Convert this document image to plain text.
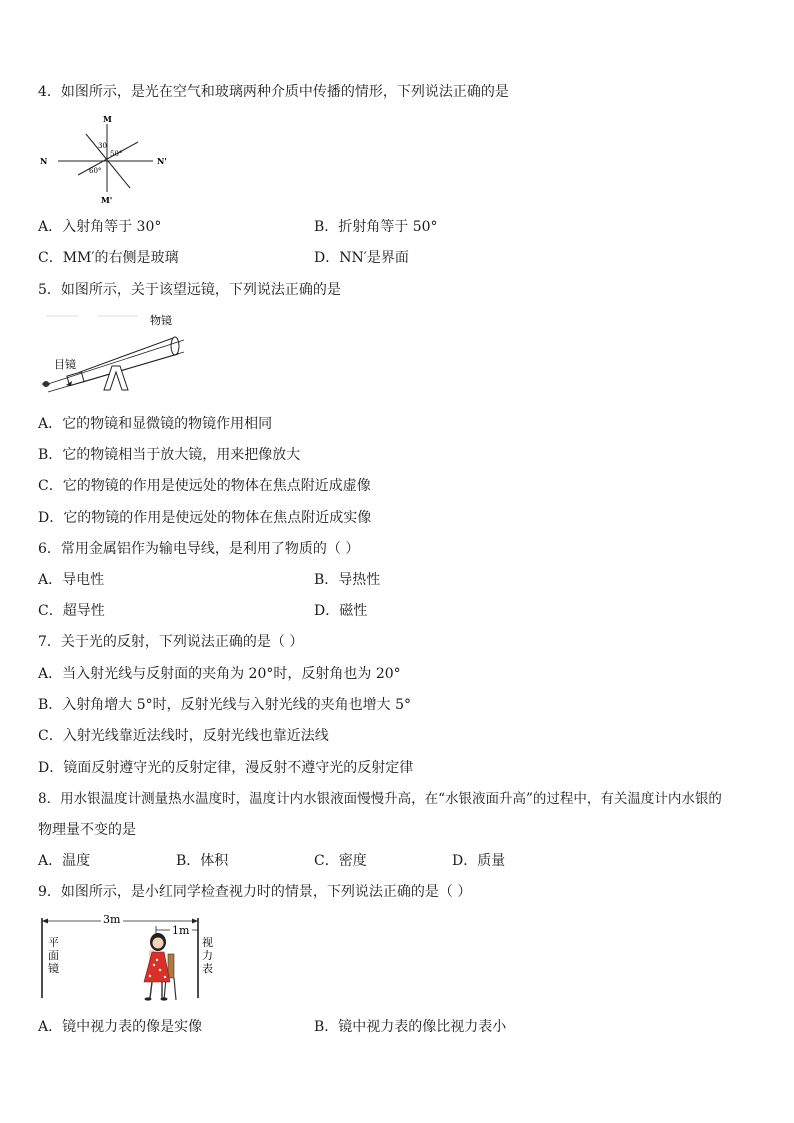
4．如图所示，是光在空气和玻璃两种介质中传播的情形，下列说法正确的是
M
M'
N	N'
30
50°
60°
A．入射角等于 30°	B．折射角等于 50°
C．MM′的右侧是玻璃	D．NN′是界面
5．如图所示，关于该望远镜，下列说法正确的是
物镜
目镜
A．它的物镜和显微镜的物镜作用相同
B．它的物镜相当于放大镜，用来把像放大
C．它的物镜的作用是使远处的物体在焦点附近成虚像
D．它的物镜的作用是使远处的物体在焦点附近成实像
6．常用金属铝作为输电导线，是利用了物质的（ ）
A．导电性	B．导热性
C．超导性	D．磁性
7．关于光的反射，下列说法正确的是（ ）
A．当入射光线与反射面的夹角为 20°时，反射角也为 20°
B．入射角增大 5°时，反射光线与入射光线的夹角也增大 5°
C．入射光线靠近法线时，反射光线也靠近法线
D．镜面反射遵守光的反射定律，漫反射不遵守光的反射定律
8．用水银温度计测量热水温度时，温度计内水银液面慢慢升高，在“水银液面升高”的过程中，有关温度计内水银的
物理量不变的是
A．温度	B．体积	C．密度	D．质量
9．如图所示，是小红同学检查视力时的情景，下列说法正确的是（ ）
3m
1m
平
面
镜
视
力
表
A．镜中视力表的像是实像	B．镜中视力表的像比视力表小
